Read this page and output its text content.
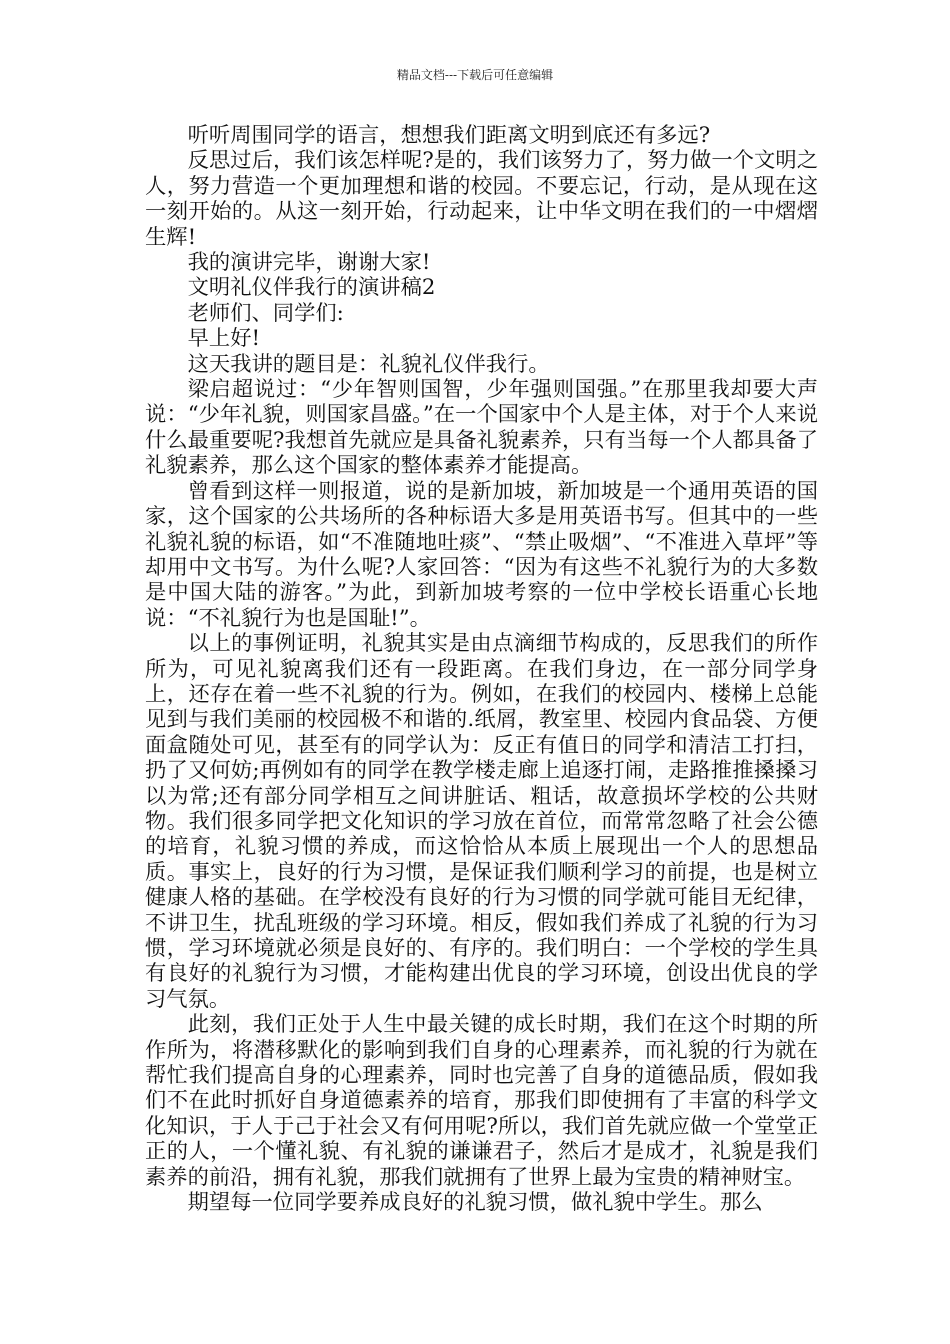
精品文档---下载后可任意编辑

听听周围同学的语言，想想我们距离文明到底还有多远?

反思过后，我们该怎样呢?是的，我们该努力了，努力做一个文明之人，努力营造一个更加理想和谐的校园。不要忘记，行动，是从现在这一刻开始的。从这一刻开始，行动起来，让中华文明在我们的一中熠熠生辉!

我的演讲完毕，谢谢大家!

文明礼仪伴我行的演讲稿2

老师们、同学们:

早上好!

这天我讲的题目是：礼貌礼仪伴我行。

梁启超说过：“少年智则国智，少年强则国强。”在那里我却要大声说：“少年礼貌，则国家昌盛。”在一个国家中个人是主体，对于个人来说什么最重要呢?我想首先就应是具备礼貌素养，只有当每一个人都具备了礼貌素养，那么这个国家的整体素养才能提高。

曾看到这样一则报道，说的是新加坡，新加坡是一个通用英语的国家，这个国家的公共场所的各种标语大多是用英语书写。但其中的一些礼貌礼貌的标语，如“不准随地吐痰”、“禁止吸烟”、“不准进入草坪”等却用中文书写。为什么呢?人家回答：“因为有这些不礼貌行为的大多数是中国大陆的游客。”为此，到新加坡考察的一位中学校长语重心长地说：“不礼貌行为也是国耻!”。

以上的事例证明，礼貌其实是由点滴细节构成的，反思我们的所作所为，可见礼貌离我们还有一段距离。在我们身边，在一部分同学身上，还存在着一些不礼貌的行为。例如，在我们的校园内、楼梯上总能见到与我们美丽的校园极不和谐的.纸屑，教室里、校园内食品袋、方便面盒随处可见，甚至有的同学认为：反正有值日的同学和清洁工打扫，扔了又何妨;再例如有的同学在教学楼走廊上追逐打闹，走路推推搡搡习以为常;还有部分同学相互之间讲脏话、粗话，故意损坏学校的公共财物。我们很多同学把文化知识的学习放在首位，而常常忽略了社会公德的培育，礼貌习惯的养成，而这恰恰从本质上展现出一个人的思想品质。事实上，良好的行为习惯，是保证我们顺利学习的前提，也是树立健康人格的基础。在学校没有良好的行为习惯的同学就可能目无纪律，不讲卫生，扰乱班级的学习环境。相反，假如我们养成了礼貌的行为习惯，学习环境就必须是良好的、有序的。我们明白：一个学校的学生具有良好的礼貌行为习惯，才能构建出优良的学习环境，创设出优良的学习气氛。

此刻，我们正处于人生中最关键的成长时期，我们在这个时期的所作所为，将潜移默化的影响到我们自身的心理素养，而礼貌的行为就在帮忙我们提高自身的心理素养，同时也完善了自身的道德品质，假如我们不在此时抓好自身道德素养的培育，那我们即使拥有了丰富的科学文化知识，于人于己于社会又有何用呢?所以，我们首先就应做一个堂堂正正的人，一个懂礼貌、有礼貌的谦谦君子，然后才是成才，礼貌是我们素养的前沿，拥有礼貌，那我们就拥有了世界上最为宝贵的精神财宝。

期望每一位同学要养成良好的礼貌习惯，做礼貌中学生。那么
